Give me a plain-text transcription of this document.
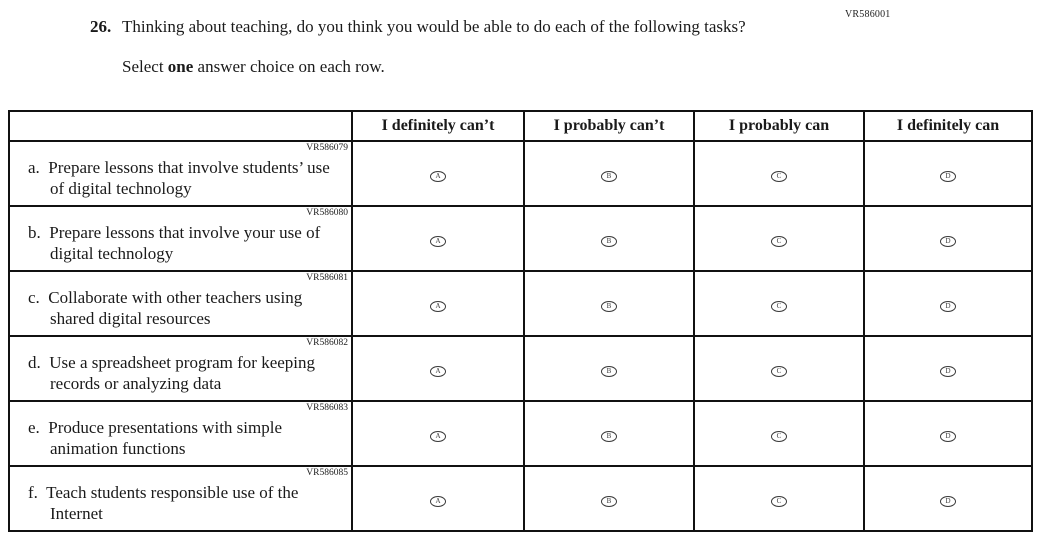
VR586001
26. Thinking about teaching, do you think you would be able to do each of the following tasks?
Select one answer choice on each row.
	I definitely can’t	I probably can’t	I probably can	I definitely can

VR586079
a. Prepare lessons that involve students’ use of digital technology	A	B	C	D

VR586080
b. Prepare lessons that involve your use of digital technology	A	B	C	D

VR586081
c. Collaborate with other teachers using shared digital resources	A	B	C	D

VR586082
d. Use a spreadsheet program for keeping records or analyzing data	A	B	C	D

VR586083
e. Produce presentations with simple animation functions	A	B	C	D

VR586085
f. Teach students responsible use of the Internet	A	B	C	D
